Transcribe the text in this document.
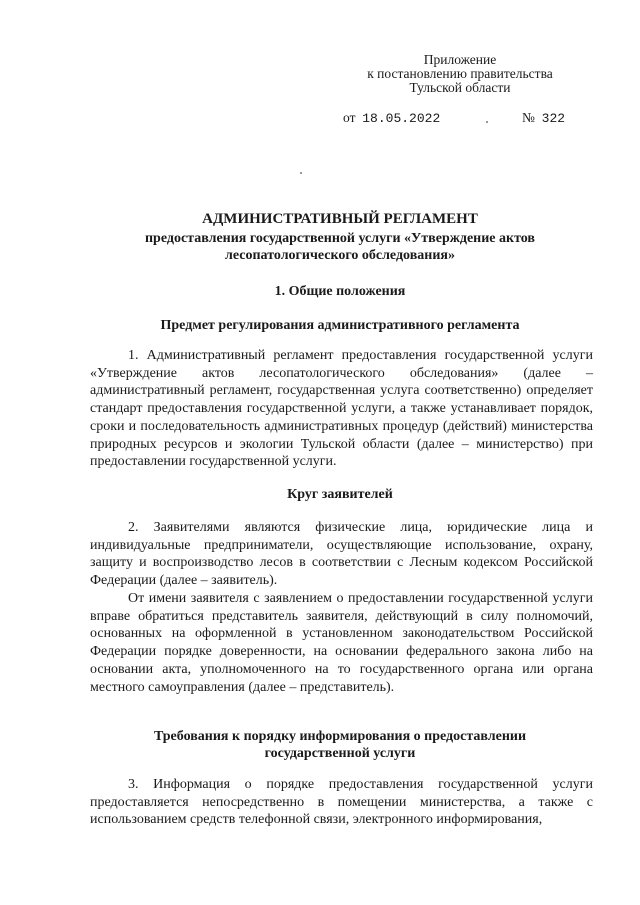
Приложение
к постановлению правительства
Тульской области
от 18.05.2022	№ 322
АДМИНИСТРАТИВНЫЙ РЕГЛАМЕНТ
предоставления государственной услуги «Утверждение актов
лесопатологического обследования»
1. Общие положения
Предмет регулирования административного регламента

1. Административный регламент предоставления государственной услуги «Утверждение актов лесопатологического обследования» (далее – административный регламент, государственная услуга соответственно) определяет стандарт предоставления государственной услуги, а также устанавливает порядок, сроки и последовательность административных процедур (действий) министерства природных ресурсов и экологии Тульской области (далее – министерство) при предоставлении государственной услуги.

Круг заявителей

2. Заявителями являются физические лица, юридические лица и индивидуальные предприниматели, осуществляющие использование, охрану, защиту и воспроизводство лесов в соответствии с Лесным кодексом Российской Федерации (далее – заявитель).

От имени заявителя с заявлением о предоставлении государственной услуги вправе обратиться представитель заявителя, действующий в силу полномочий, основанных на оформленной в установленном законодательством Российской Федерации порядке доверенности, на основании федерального закона либо на основании акта, уполномоченного на то государственного органа или органа местного самоуправления (далее – представитель).

Требования к порядку информирования о предоставлении
государственной услуги

3. Информация о порядке предоставления государственной услуги предоставляется непосредственно в помещении министерства, а также с использованием средств телефонной связи, электронного информирования,
